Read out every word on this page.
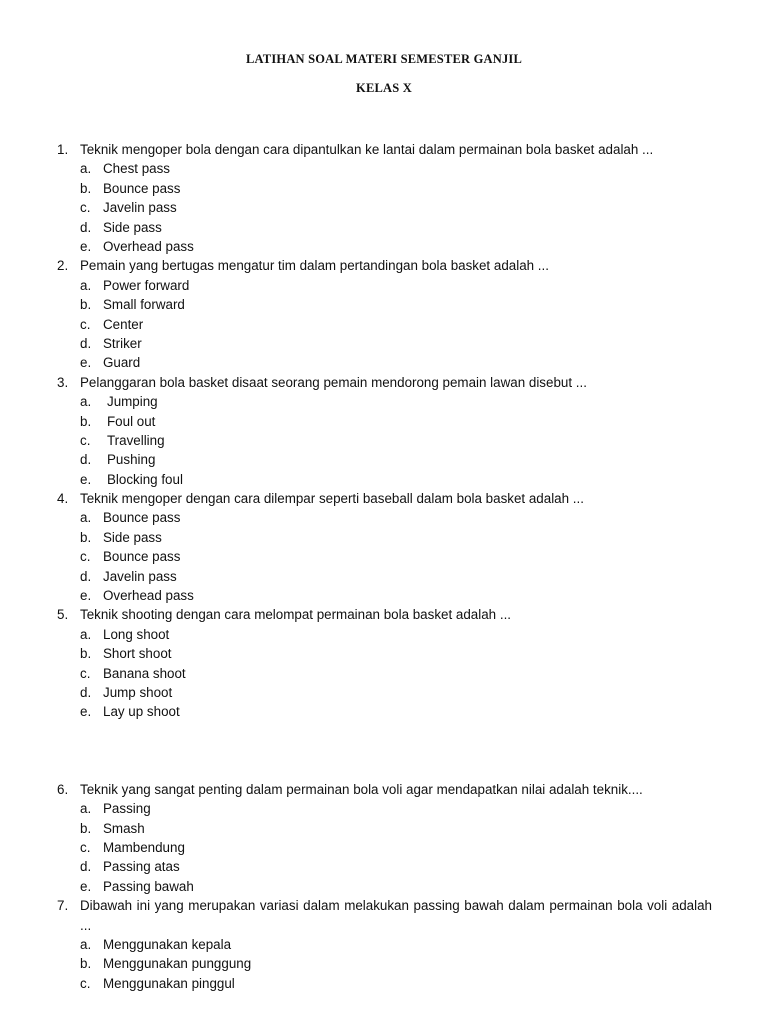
LATIHAN SOAL MATERI SEMESTER GANJIL
KELAS X
1. Teknik mengoper bola dengan cara dipantulkan ke lantai dalam permainan bola basket adalah ...
a. Chest pass
b. Bounce pass
c. Javelin pass
d. Side pass
e. Overhead pass
2. Pemain yang bertugas mengatur tim dalam pertandingan bola basket adalah ...
a. Power forward
b. Small forward
c. Center
d. Striker
e. Guard
3. Pelanggaran bola basket disaat seorang pemain mendorong pemain lawan disebut ...
a. Jumping
b. Foul out
c. Travelling
d. Pushing
e. Blocking foul
4. Teknik mengoper dengan cara dilempar seperti baseball dalam bola basket adalah ...
a. Bounce pass
b. Side pass
c. Bounce pass
d. Javelin pass
e. Overhead pass
5. Teknik shooting dengan cara melompat permainan bola basket adalah ...
a. Long shoot
b. Short shoot
c. Banana shoot
d. Jump shoot
e. Lay up shoot
6. Teknik yang sangat penting dalam permainan bola voli agar mendapatkan nilai adalah teknik....
a. Passing
b. Smash
c. Mambendung
d. Passing atas
e. Passing bawah
7. Dibawah ini yang merupakan variasi dalam melakukan passing bawah dalam permainan bola voli adalah ...
a. Menggunakan kepala
b. Menggunakan punggung
c. Menggunakan pinggul
